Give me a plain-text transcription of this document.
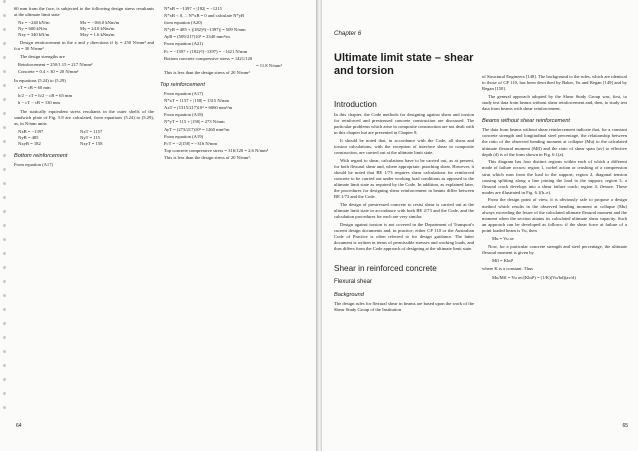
60 mm from the face, is subjected to the following design stress resultants at the ultimate limit state

Nx = −240 kN/m	Mx = −166.0 kNm/m
Ny = 600 kN/m	My = 24.0 kNm/m
Nxy = 340 kN/m	Mxy = 1.6 kNm/m

Design reinforcement in the x and y directions if fy = 250 N/mm² and fcu = 30 N/mm²

The design strengths are

Reinforcement = 250/1.15 = 217 N/mm²
Concrete = 0.4 × 30 = 20 N/mm²

In equations (5.24) to (5.29)

cT = cB = 60 mm
h/2 − cT = h/2 − cB = 65 mm
h − cT − cB = 130 mm

The statically equivalent stress resultants in the outer shells of the sandwich plate of Fig. 5.8 are calculated, from equations (5.24) to (5.29), as, in N/mm units

NxB = −1397	NxT = 1157
NyB = 485	NyT = 115
NxyB = 182	NxyT = 158
Bottom reinforcement

From equation (A17)

N*xB = −1397 + |182| = −1215
N*xB < 0, ∴ N*xB = 0 and calculate N*yB
from equation (A20)
N*yB = 485 + |(182)²/(−1397)| = 509 N/mm
AyB = (509/217)10³ = 2340 mm²/m
From equation (A21)
Fc = −1397 + (182)²/(−1397) = −1421 N/mm
Bottom concrete compressive stress = 1421/120
= 11.8 N/mm²
This is less than the design stress of 20 N/mm²
Top reinforcement
From equation (A17)
N*xT = 1157 + |158| = 1315 N/mm
AxT = (1315/217)10³ = 6060 mm²/m
From equation (A18)
N*yT = 115 + |158| = 273 N/mm
AyT = (273/217)10³ = 1260 mm²/m
From equation (A19)
FcT = −2|158| = −316 N/mm
Top concrete compressive stress = 316/120 = 2.6 N/mm²
This is less than the design stress of 20 N/mm².
64
Chapter 6
Ultimate limit state – shear and torsion
Introduction

In this chapter, the Code methods for designing against shear and torsion for reinforced and prestressed concrete construction are discussed. The particular problems which arise in composite construction are not dealt with in this chapter but are presented in Chapter 8.

It should be noted that, in accordance with the Code, all shear and torsion calculations, with the exception of interface shear in composite construction, are carried out at the ultimate limit state.

With regard to shear, calculations have to be carried out, as at present, for both flexural shear and, where appropriate, punching shear. However, it should be noted that BE 1/73 requires shear calculations for reinforced concrete to be carried out under working load conditions as opposed to the ultimate limit state as required by the Code. In addition, as explained later, the procedures for designing shear reinforcement in beams differ between BE 1/73 and the Code.

The design of prestressed concrete to resist shear is carried out at the ultimate limit state in accordance with both BE 2/73 and the Code, and the calculation procedures for each are very similar.

Design against torsion is not covered in the Department of Transport's current design documents and, in practice, either CP 110 or the Australian Code of Practice is often referred to for design guidance. The latter document is written in terms of permissible stresses and working loads, and thus differs from the Code approach of designing at the ultimate limit state.

Shear in reinforced concrete
Flexural shear
Background

The design rules for flexural shear in beams are based upon the work of the Shear Study Group of the Institution

of Structural Engineers [148]. The background to the rules, which are identical to those of CP 110, has been described by Baker, Yu and Regan [149] and by Regan [150].

The general approach adopted by the Shear Study Group was, first, to study test data from beams without shear reinforcement and, then, to study test data from beams with shear reinforcement.

Beams without shear reinforcement

The data from beams without shear reinforcement indicate that, for a constant concrete strength and longitudinal steel percentage, the relationship between the ratio of the observed bending moment at collapse (Mu) to the calculated ultimate flexural moment (Mfl) and the ratio of shear span (av) to effective depth (d) is of the form shown in Fig. 6.1(a).

This diagram has four distinct regions within each of which a different mode of failure occurs: region 1, corbel action or crushing of a compression strut which runs from the load to the support; region 2, diagonal tension causing splitting along a line joining the load to the support; region 3, a flexural crack develops into a shear failure crack; region 4, flexure. These modes are illustrated in Fig. 6.1(b–e).

From the design point of view, it is obviously safe to propose a design method which results in the observed bending moment at collapse (Mu) always exceeding the lesser of the calculated ultimate flexural moment and the moment when the section attains its calculated ultimate shear capacity. Such an approach can be developed as follows: if the shear force at failure of a point loaded beam is Vu, then

Mu = Vu av

Now, for a particular concrete strength and steel percentage, the ultimate flexural moment is given by

Mfl = Kbd²

where K is a constant. Thus

Mu/Mfl = Vu av/(Kbd²) = (1/K)(Vu/bd)(av/d)
65
